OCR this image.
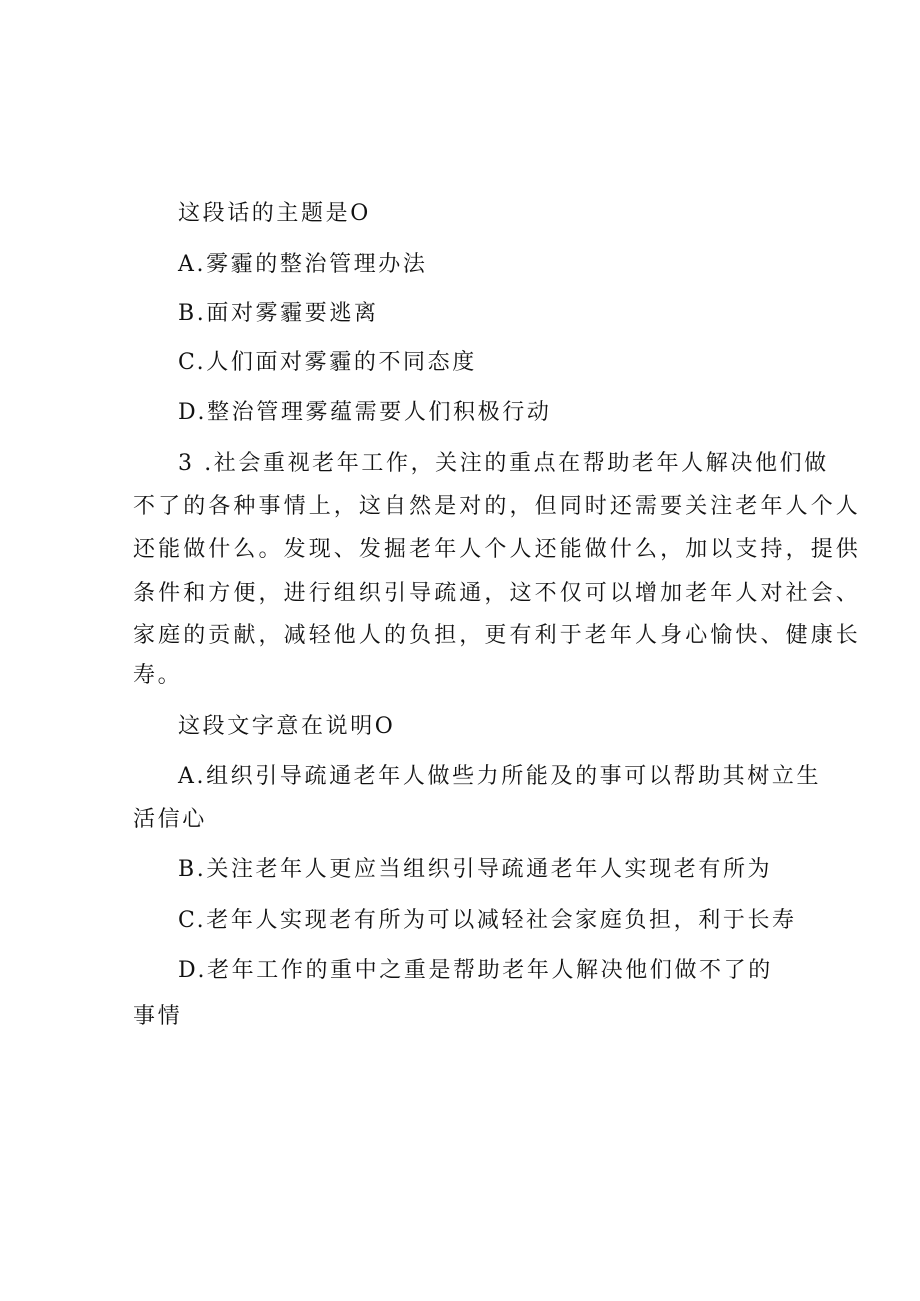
这段话的主题是O

A.雾霾的整治管理办法

B.面对雾霾要逃离

C.人们面对雾霾的不同态度

D.整治管理雾蕴需要人们积极行动

3 .社会重视老年工作，关注的重点在帮助老年人解决他们做

不了的各种事情上，这自然是对的，但同时还需要关注老年人个人

还能做什么。发现、发掘老年人个人还能做什么，加以支持，提供

条件和方便，进行组织引导疏通，这不仅可以增加老年人对社会、

家庭的贡献，减轻他人的负担，更有利于老年人身心愉快、健康长

寿。

这段文字意在说明O

A.组织引导疏通老年人做些力所能及的事可以帮助其树立生

活信心

B.关注老年人更应当组织引导疏通老年人实现老有所为

C.老年人实现老有所为可以减轻社会家庭负担，利于长寿

D.老年工作的重中之重是帮助老年人解决他们做不了的

事情
